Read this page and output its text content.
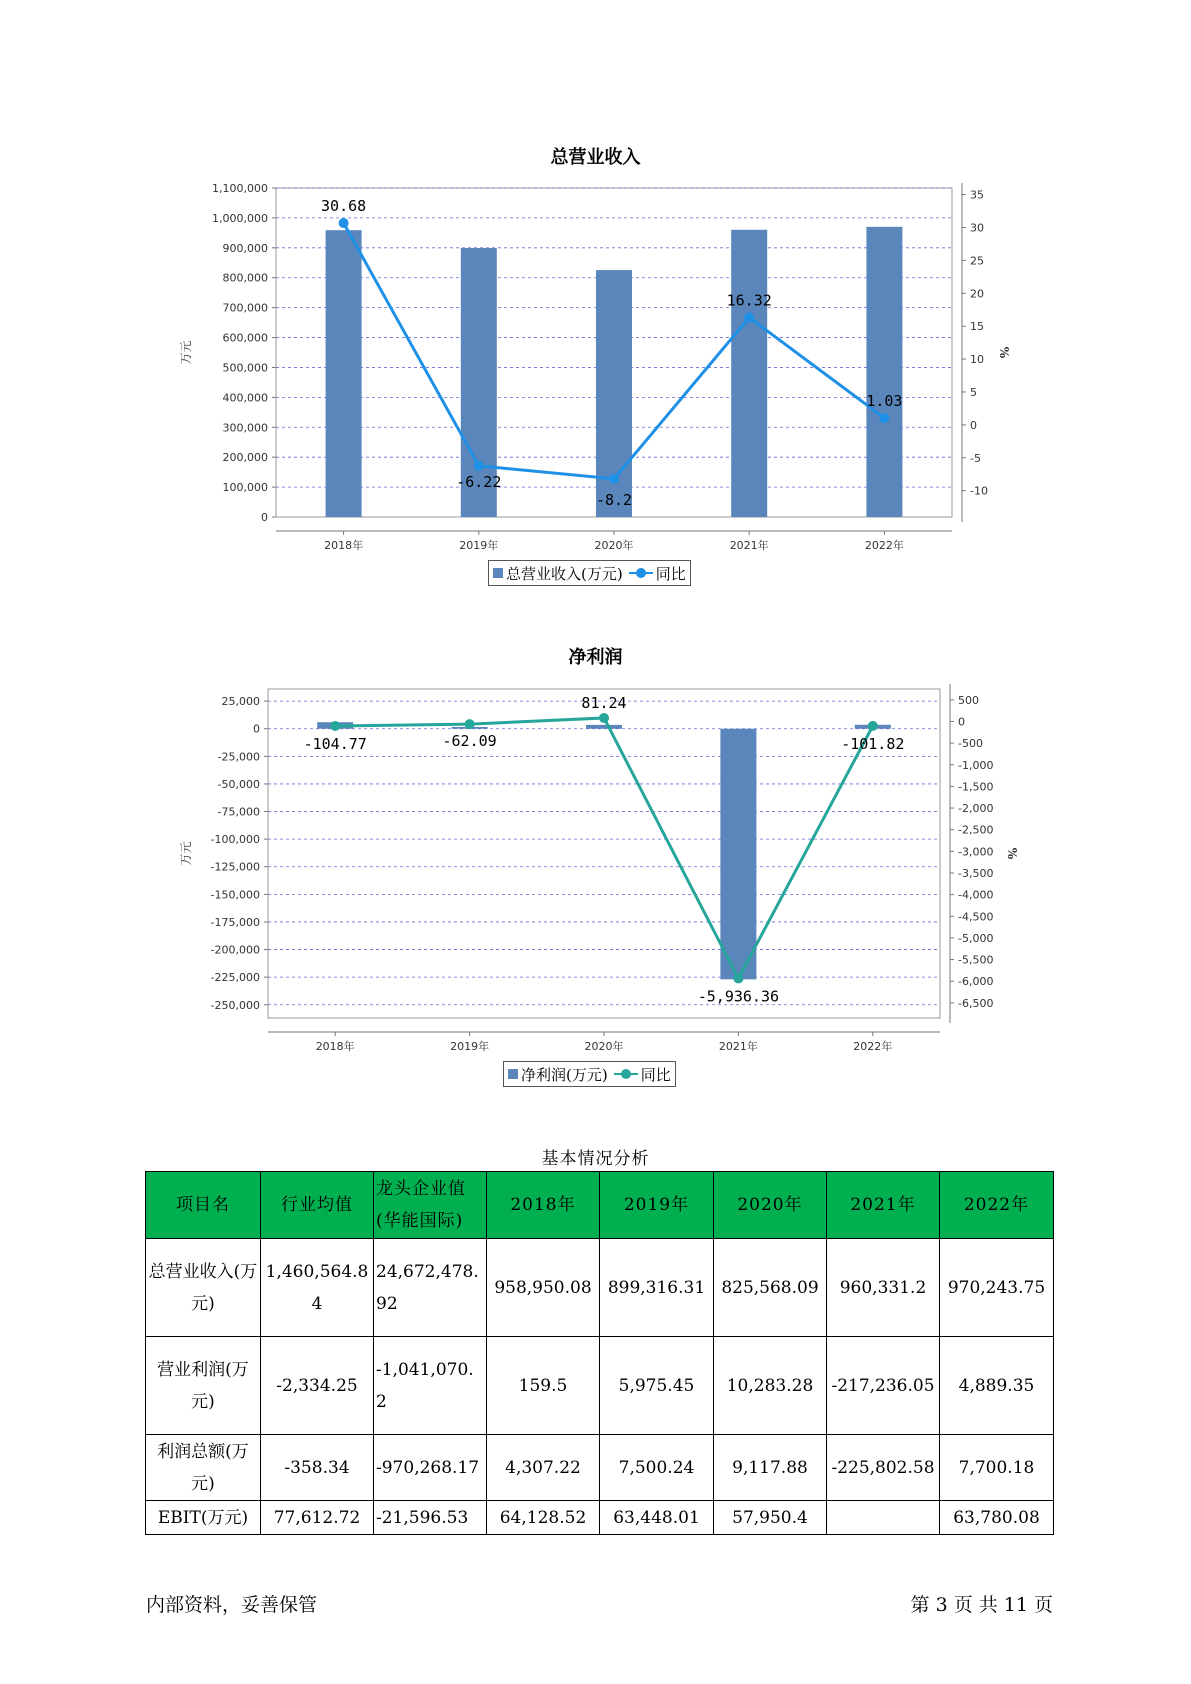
总营业收入
1,100,000
1,000,000
900,000
800,000
700,000
600,000
500,000
400,000
300,000
200,000
100,000
0
35
30
25
20
15
10
5
0
-5
-10
2018年	2019年	2020年	2021年	2022年
万元	%
30.68
-6.22
-8.2
16.32
1.03
总营业收入(万元) 同比
净利润
25,000
0
-25,000
-50,000
-75,000
-100,000
-125,000
-150,000
-175,000
-200,000
-225,000
-250,000
500
0
-500
-1,000
-1,500
-2,000
-2,500
-3,000
-3,500
-4,000
-4,500
-5,000
-5,500
-6,000
-6,500
2018年	2019年	2020年	2021年	2022年
万元	%
-104.77	-62.09
81.24
-5,936.36
-101.82
净利润(万元) 同比
基本情况分析
项目名	行业均值	龙头企业值(华能国际)	2018年	2019年	2020年	2021年	2022年
总营业收入(万元)	1,460,564.84	24,672,478.92	958,950.08	899,316.31	825,568.09	960,331.2	970,243.75
营业利润(万元)	-2,334.25	-1,041,070.2	159.5	5,975.45	10,283.28	-217,236.05	4,889.35
利润总额(万元)	-358.34	-970,268.17	4,307.22	7,500.24	9,117.88	-225,802.58	7,700.18
EBIT(万元)	77,612.72	-21,596.53	64,128.52	63,448.01	57,950.4		63,780.08
内部资料，妥善保管	第 3 页 共 11 页
